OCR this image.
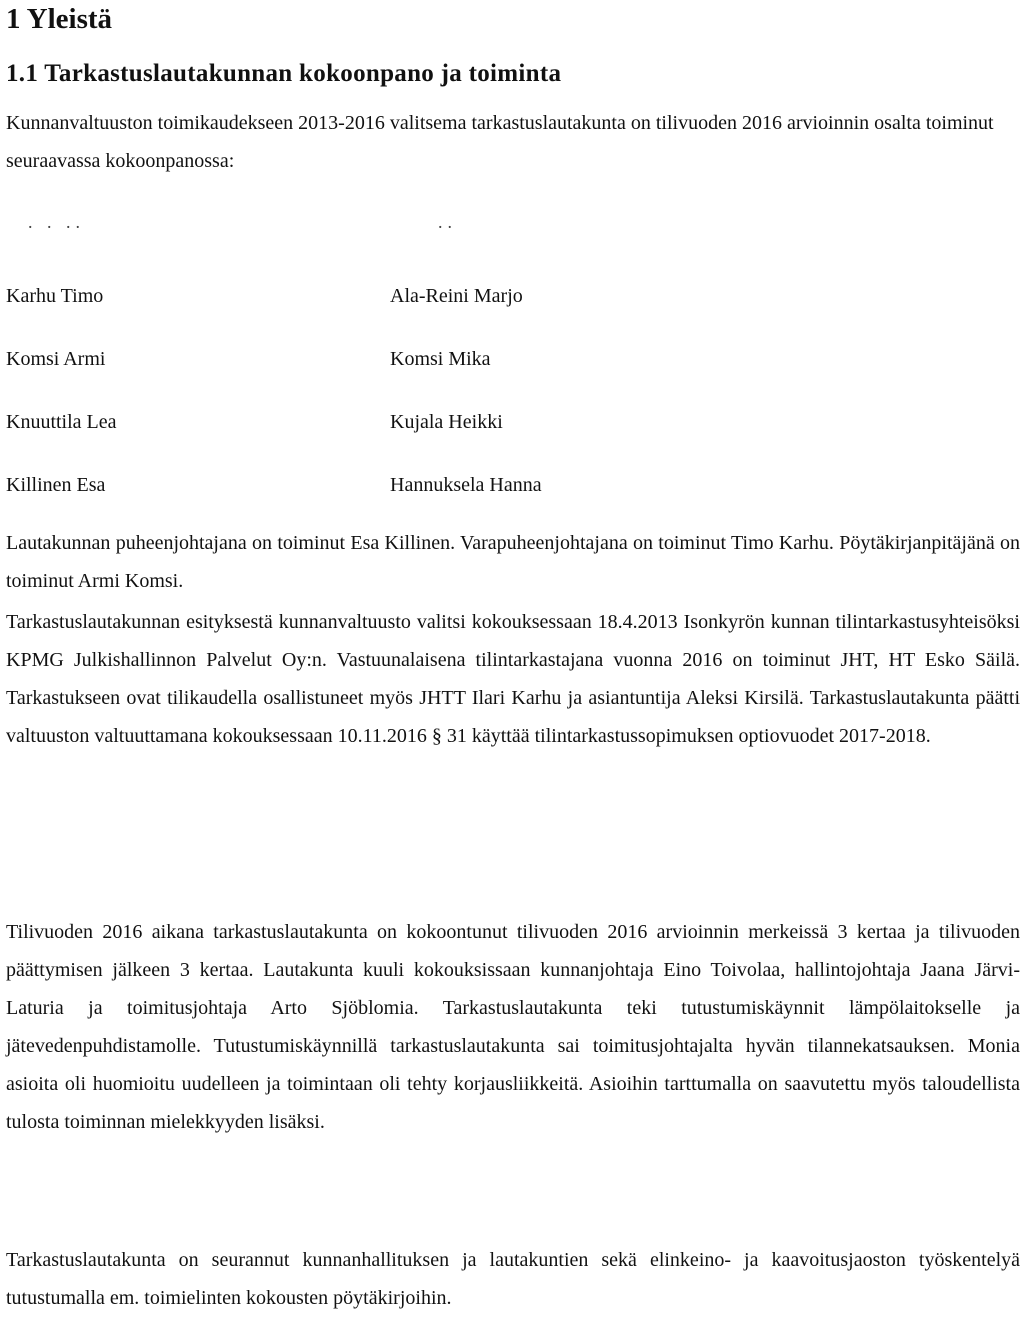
1 Yleistä
1.1 Tarkastuslautakunnan kokoonpano ja toiminta

Kunnanvaltuuston toimikaudekseen 2013-2016 valitsema tarkastuslautakunta on tilivuoden 2016 arvioinnin osalta toiminut seuraavassa kokoonpanossa:

. . ..	..
Karhu Timo	Ala-Reini Marjo
Komsi Armi	Komsi Mika
Knuuttila Lea	Kujala Heikki
Killinen Esa	Hannuksela Hanna

Lautakunnan puheenjohtajana on toiminut Esa Killinen. Varapuheenjohtajana on toiminut Timo Karhu. Pöytäkirjanpitäjänä on toiminut Armi Komsi.

Tarkastuslautakunnan esityksestä kunnanvaltuusto valitsi kokouksessaan 18.4.2013 Isonkyrön kunnan tilintarkastusyhteisöksi KPMG Julkishallinnon Palvelut Oy:n. Vastuunalaisena tilintarkastajana vuonna 2016 on toiminut JHT, HT Esko Säilä. Tarkastukseen ovat tilikaudella osallistuneet myös JHTT Ilari Karhu ja asiantuntija Aleksi Kirsilä. Tarkastuslautakunta päätti valtuuston valtuuttamana kokouksessaan 10.11.2016 § 31 käyttää tilintarkastussopimuksen optiovuodet 2017-2018.

Tilivuoden 2016 aikana tarkastuslautakunta on kokoontunut tilivuoden 2016 arvioinnin merkeissä 3 kertaa ja tilivuoden päättymisen jälkeen 3 kertaa. Lautakunta kuuli kokouksissaan kunnanjohtaja Eino Toivolaa, hallintojohtaja Jaana Järvi-Laturia ja toimitusjohtaja Arto Sjöblomia. Tarkastuslautakunta teki tutustumiskäynnit lämpölaitokselle ja jätevedenpuhdistamolle. Tutustumiskäynnillä tarkastuslautakunta sai toimitusjohtajalta hyvän tilannekatsauksen. Monia asioita oli huomioitu uudelleen ja toimintaan oli tehty korjausliikkeitä. Asioihin tarttumalla on saavutettu myös taloudellista tulosta toiminnan mielekkyyden lisäksi.

Tarkastuslautakunta on seurannut kunnanhallituksen ja lautakuntien sekä elinkeino- ja kaavoitusjaoston työskentelyä tutustumalla em. toimielinten kokousten pöytäkirjoihin.
